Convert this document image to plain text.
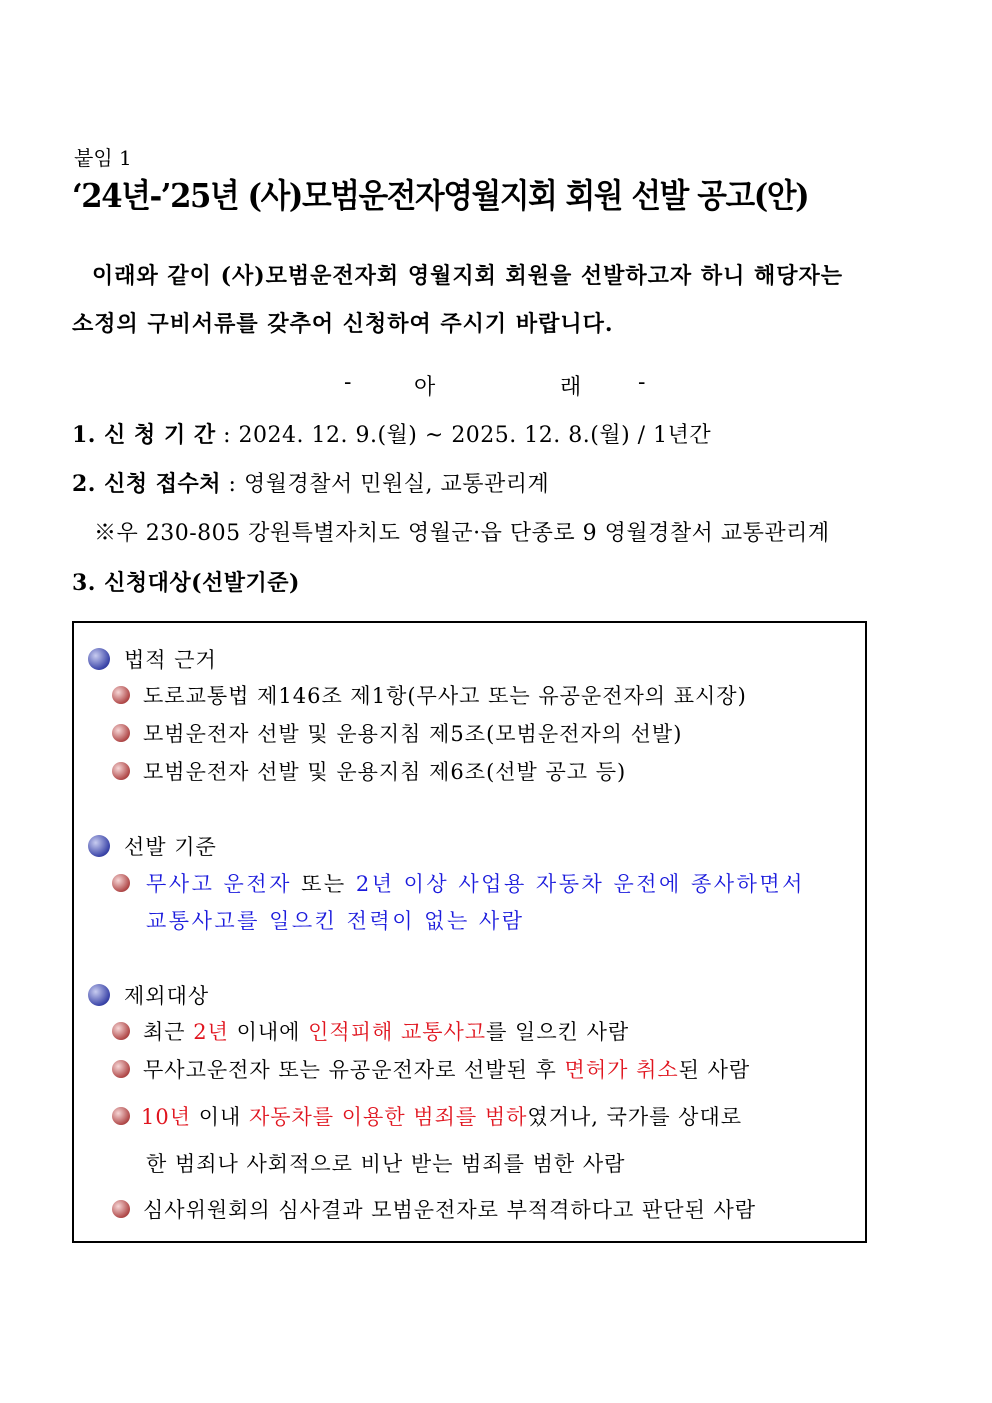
붙임 1
‘24년-’25년 (사)모범운전자영월지회 회원 선발 공고(안)
이래와 같이 (사)모범운전자회 영월지회 회원을 선발하고자 하니 해당자는
소정의 구비서류를 갖추어 신청하여 주시기 바랍니다.
-	아	래	-
1. 신 청 기 간 : 2024. 12. 9.(월) ~ 2025. 12. 8.(월) / 1년간
2. 신청 접수처 : 영월경찰서 민원실, 교통관리계
※우 230-805 강원특별자치도 영월군·읍 단종로 9 영월경찰서 교통관리계
3. 신청대상(선발기준)
법적 근거
도로교통법 제146조 제1항(무사고 또는 유공운전자의 표시장)
모범운전자 선발 및 운용지침 제5조(모범운전자의 선발)
모범운전자 선발 및 운용지침 제6조(선발 공고 등)
선발 기준
무사고 운전자 또는 2년 이상 사업용 자동차 운전에 종사하면서
교통사고를 일으킨 전력이 없는 사람
제외대상
최근 2년 이내에 인적피해 교통사고를 일으킨 사람
무사고운전자 또는 유공운전자로 선발된 후 면허가 취소된 사람
10년 이내 자동차를 이용한 범죄를 범하였거나, 국가를 상대로
한 범죄나 사회적으로 비난 받는 범죄를 범한 사람
심사위원회의 심사결과 모범운전자로 부적격하다고 판단된 사람
